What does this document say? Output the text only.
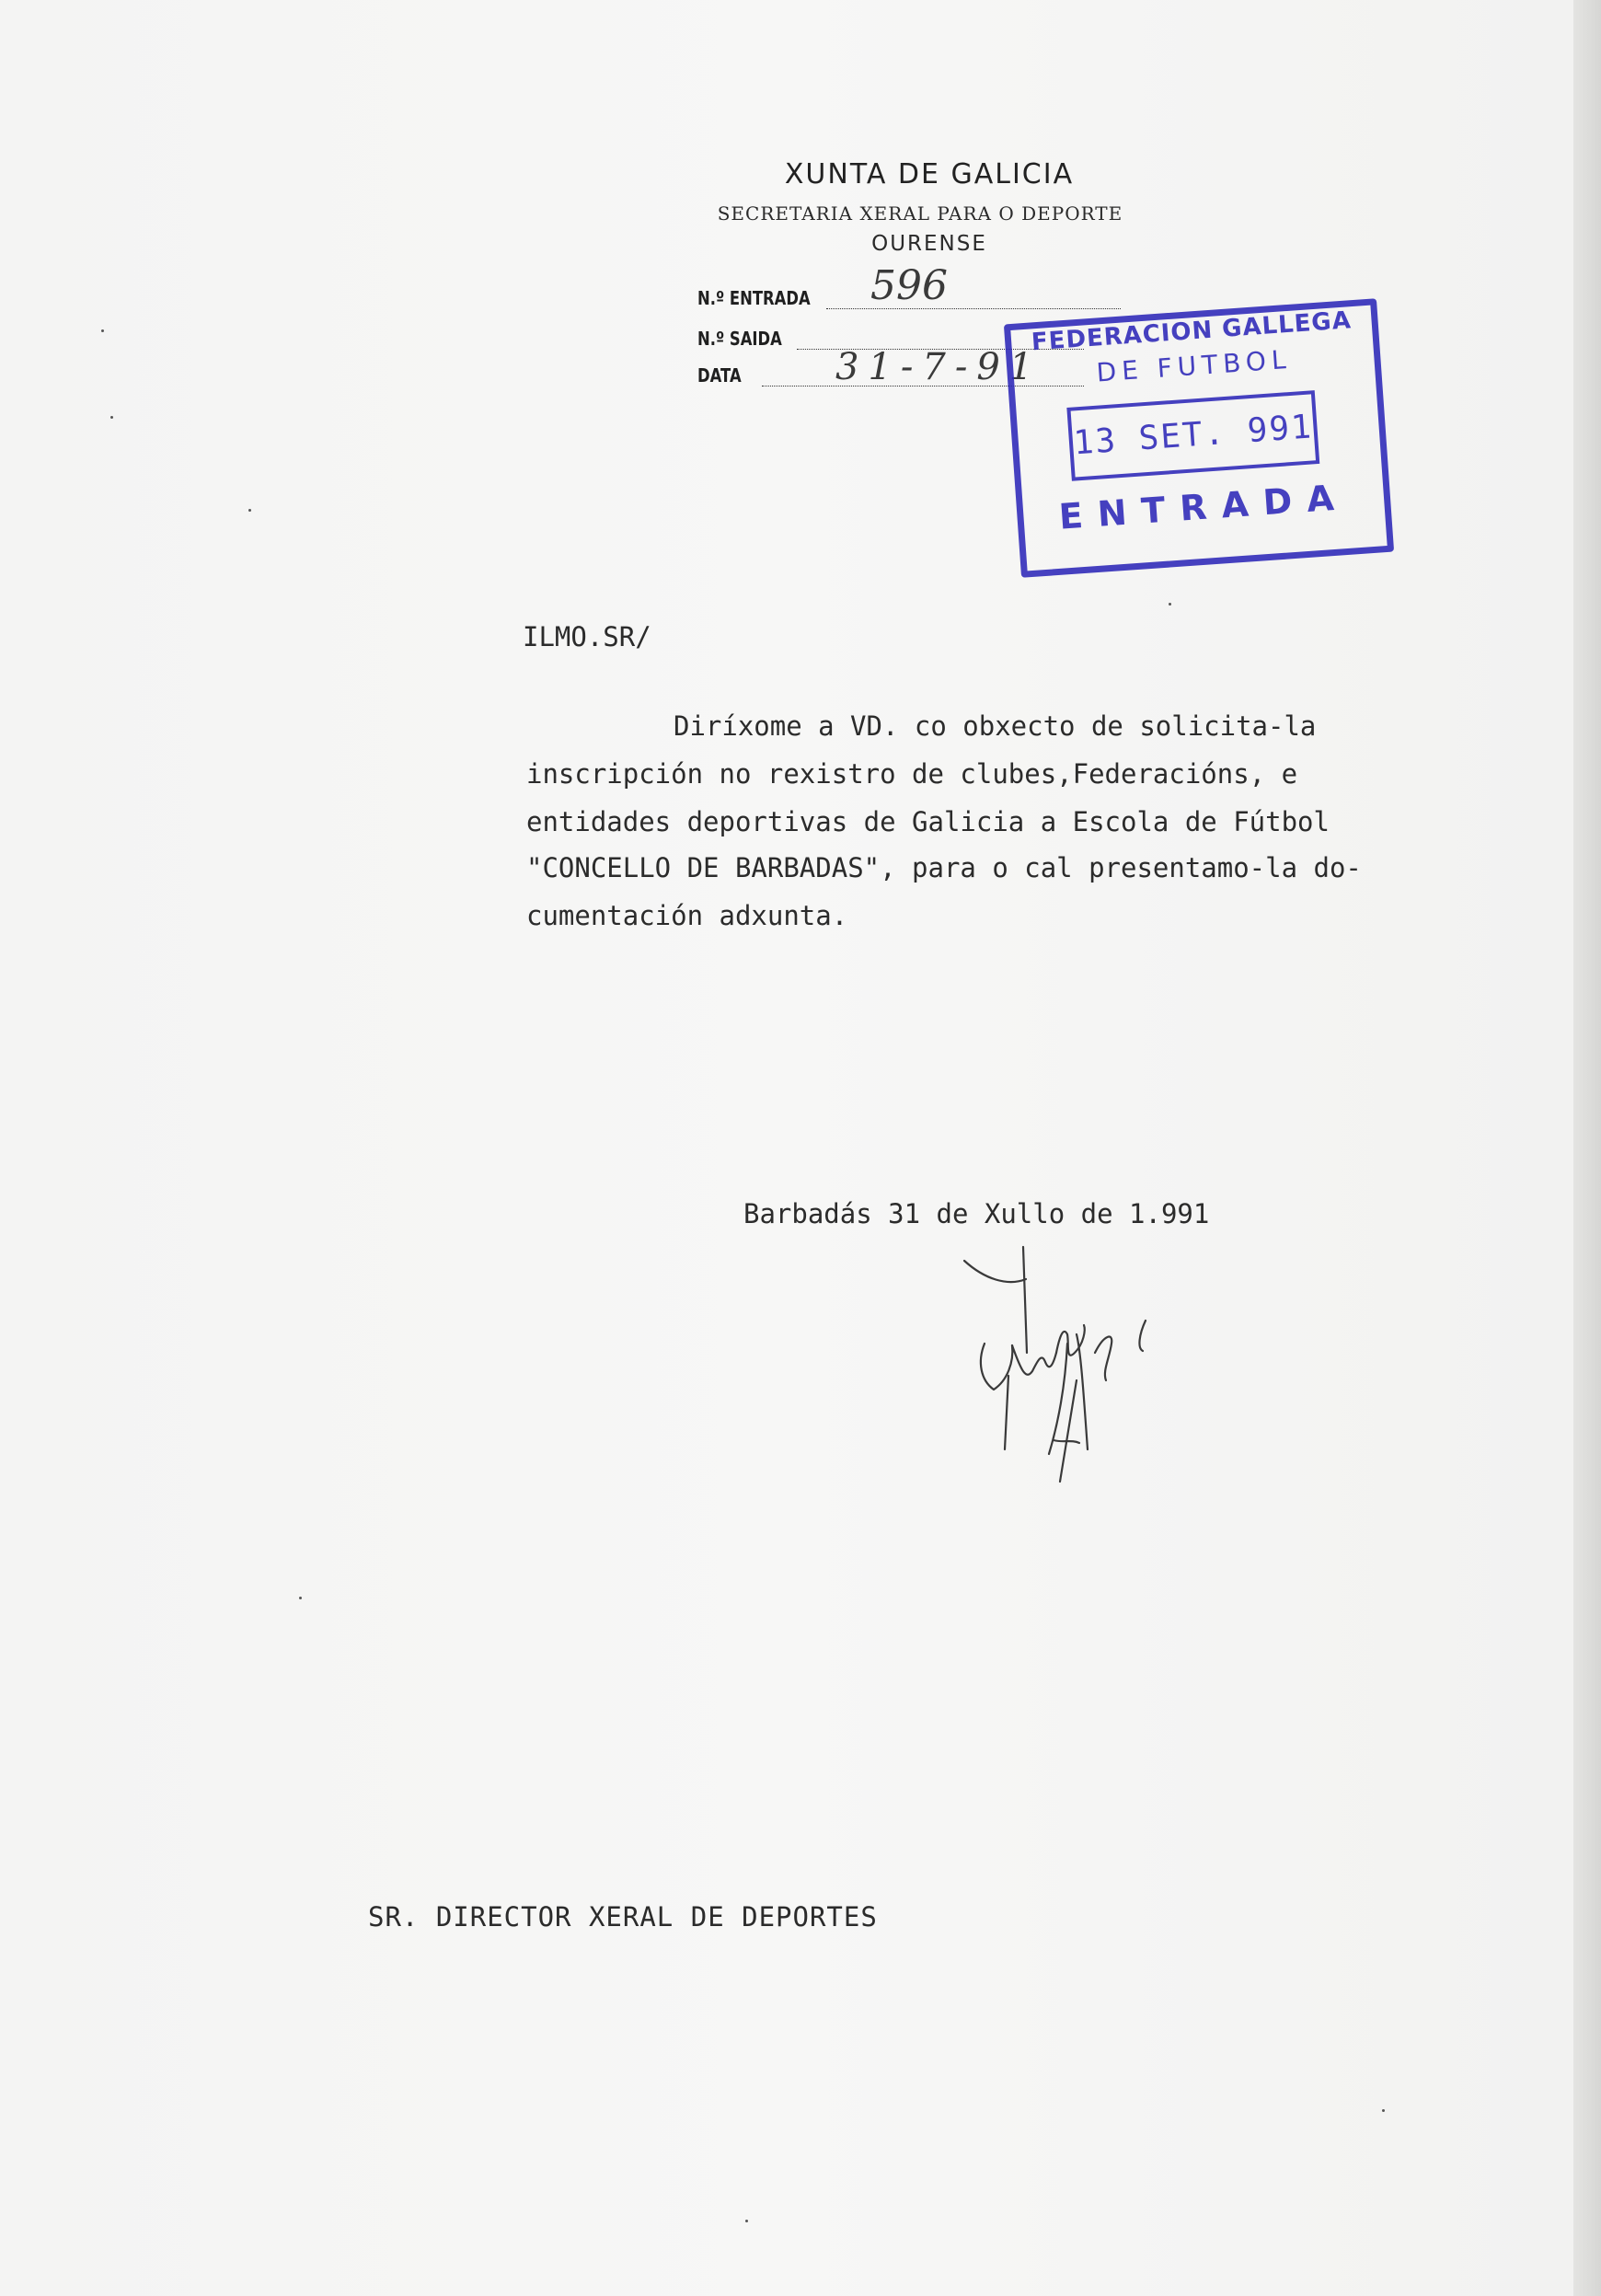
XUNTA DE GALICIA
SECRETARIA XERAL PARA O DEPORTE
OURENSE
N.º ENTRADA 596
N.º SAIDA
DATA	31-7-91
FEDERACION GALLEGA
DE FUTBOL
13 SET. 991
ENTRADA
ILMO.SR/
Diríxome a VD. co obxecto de solicita-la
inscripción no rexistro de clubes,Federacións, e
entidades deportivas de Galicia a Escola de Fútbol
"CONCELLO DE BARBADAS", para o cal presentamo-la do-
cumentación adxunta.
Barbadás 31 de Xullo de 1.991
SR. DIRECTOR XERAL DE DEPORTES
